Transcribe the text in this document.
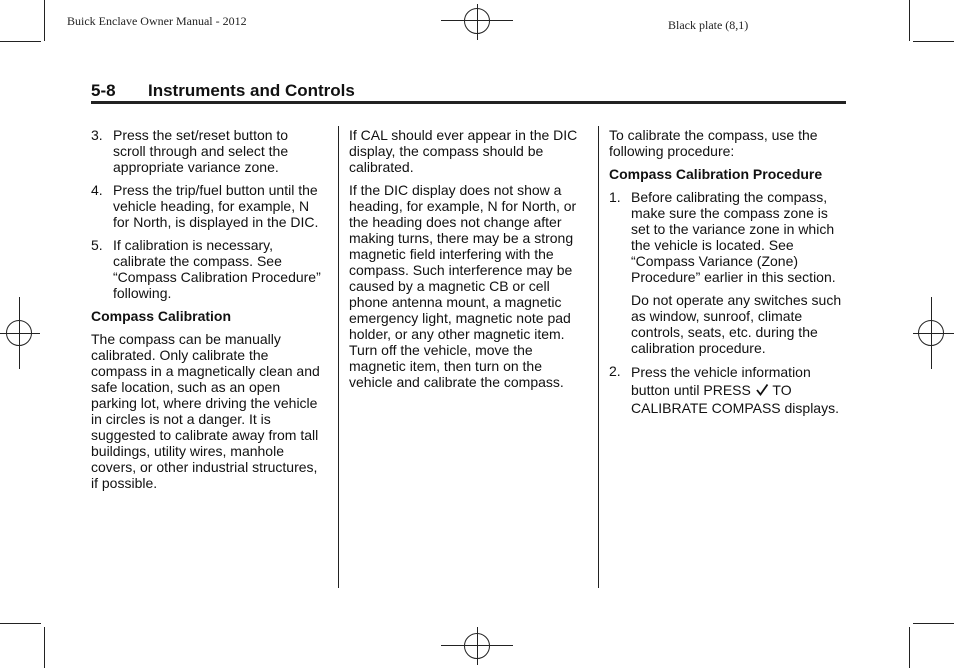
Buick Enclave Owner Manual - 2012	Black plate (8,1)
5-8 Instruments and Controls
3. Press the set/reset button to scroll through and select the appropriate variance zone.
4. Press the trip/fuel button until the vehicle heading, for example, N for North, is displayed in the DIC.
5. If calibration is necessary, calibrate the compass. See “Compass Calibration Procedure” following.

Compass Calibration

The compass can be manually calibrated. Only calibrate the compass in a magnetically clean and safe location, such as an open parking lot, where driving the vehicle in circles is not a danger. It is suggested to calibrate away from tall buildings, utility wires, manhole covers, or other industrial structures, if possible.

If CAL should ever appear in the DIC display, the compass should be calibrated.

If the DIC display does not show a heading, for example, N for North, or the heading does not change after making turns, there may be a strong magnetic field interfering with the compass. Such interference may be caused by a magnetic CB or cell phone antenna mount, a magnetic emergency light, magnetic note pad holder, or any other magnetic item. Turn off the vehicle, move the magnetic item, then turn on the vehicle and calibrate the compass.

To calibrate the compass, use the following procedure:

Compass Calibration Procedure

1. Before calibrating the compass, make sure the compass zone is set to the variance zone in which the vehicle is located. See “Compass Variance (Zone) Procedure” earlier in this section.

Do not operate any switches such as window, sunroof, climate controls, seats, etc. during the calibration procedure.

2. Press the vehicle information button until PRESS TO CALIBRATE COMPASS displays.
